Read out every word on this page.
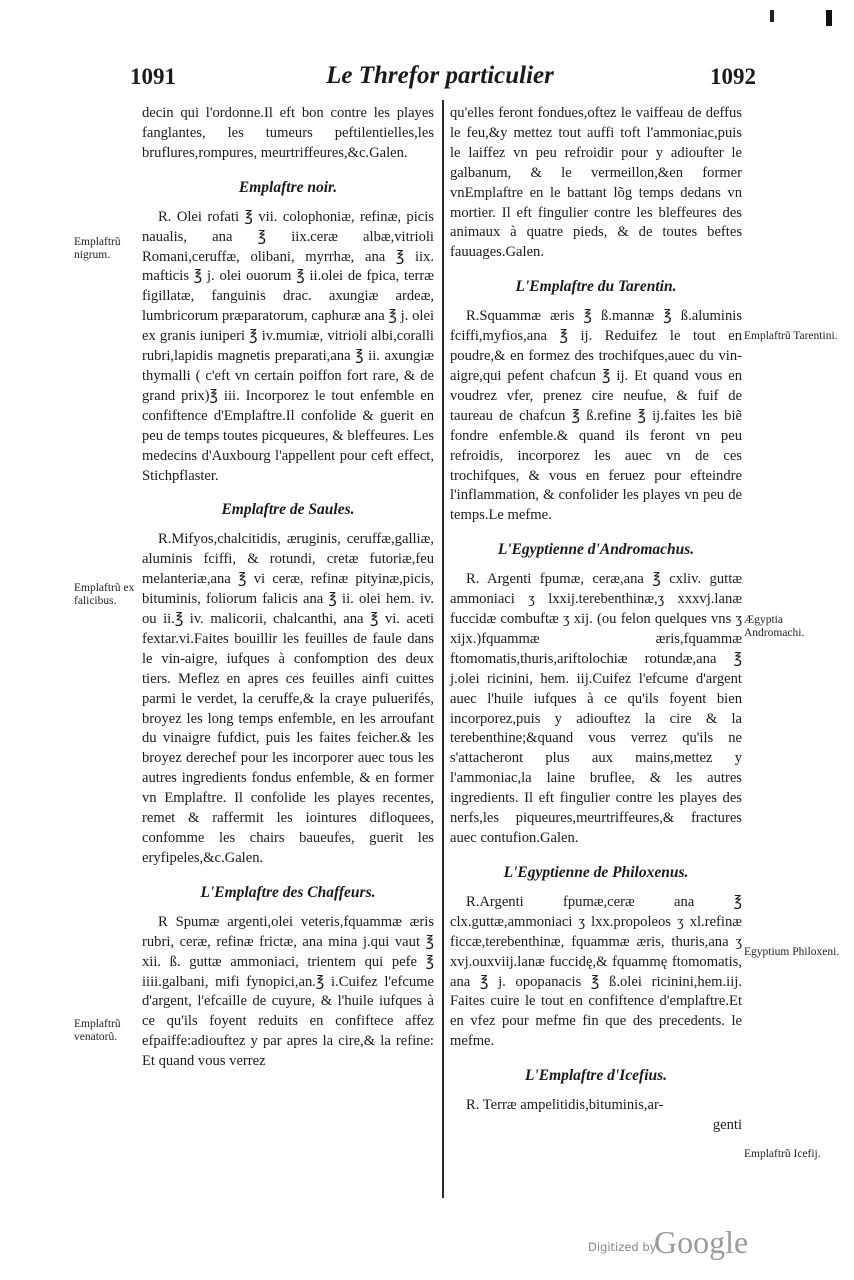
1091	Le Threfor particulier	1092

decin qui l'ordonne.Il eft bon contre les playes fanglantes, les tumeurs peftilentielles,les bruflures,rompures, meurtriffeures,&c.Galen.

Emplaftre noir.

R. Olei rofati ℥ vii. colophoniæ, refinæ, picis naualis, ana ℥ iix.ceræ albæ,vitrioli Romani,ceruffæ, olibani, myrrhæ, ana ℥ iix. mafticis ℥ j. olei ouorum ℥ ii.olei de fpica, terræ figillatæ, fanguinis drac. axungiæ ardeæ, lumbricorum præparatorum, caphuræ ana ℥ j. olei ex granis iuniperi ℥ iv.mumiæ, vitrioli albi,coralli rubri,lapidis magnetis preparati,ana ℥ ii. axungiæ thymalli ( c'eft vn certain poiffon fort rare, & de grand prix)℥ iii. Incorporez le tout enfemble en confiftence d'Emplaftre.Il confolide & guerit en peu de temps toutes picqueures, & bleffeures. Les medecins d'Auxbourg l'appellent pour ceft effect, Stichpflaster.

Emplaftre de Saules.

R.Mifyos,chalcitidis, æruginis, ceruffæ,galliæ, aluminis fciffi, & rotundi, cretæ futoriæ,feu melanteriæ,ana ℥ vi ceræ, refinæ pityinæ,picis, bituminis, foliorum falicis ana ℥ ii. olei hem. iv. ou ii.℥ iv. malicorii, chalcanthi, ana ℥ vi. aceti fextar.vi.Faites bouillir les feuilles de faule dans le vin-aigre, iufques à confomption des deux tiers. Meflez en apres ces feuilles ainfi cuittes parmi le verdet, la ceruffe,& la craye puluerifés, broyez les long temps enfemble, en les arroufant du vinaigre fufdict, puis les faites feicher.& les broyez derechef pour les incorporer auec tous les autres ingredients fondus enfemble, & en former vn Emplaftre. Il confolide les playes recentes, remet & raffermit les iointures difloquees, confomme les chairs baueufes, guerit les eryfipeles,&c.Galen.

L'Emplaftre des Chaffeurs.

R Spumæ argenti,olei veteris,fquammæ æris rubri, ceræ, refinæ frictæ, ana mina j.qui vaut ℥ xii. ß. guttæ ammoniaci, trientem qui pefe ℥ iiii.galbani, mifi fynopici,an.℥ i.Cuifez l'efcume d'argent, l'efcaille de cuyure, & l'huile iufques à ce qu'ils foyent reduits en confiftece affez efpaiffe:adiouftez y par apres la cire,& la refine: Et quand vous verrez

qu'elles feront fondues,oftez le vaiffeau de deffus le feu,&y mettez tout auffi toft l'ammoniac,puis le laiffez vn peu refroidir pour y adioufter le galbanum, & le vermeillon,&en former vnEmplaftre en le battant lõg temps dedans vn mortier. Il eft fingulier contre les bleffeures des animaux à quatre pieds, & de toutes beftes fauuages.Galen.

L'Emplaftre du Tarentin.

R.Squammæ æris ℥ ß.mannæ ℥ ß.aluminis fciffi,myfios,ana ℥ ij. Reduifez le tout en poudre,& en formez des trochifques,auec du vin-aigre,qui pefent chafcun ℥ ij. Et quand vous en voudrez vfer, prenez cire neufue, & fuif de taureau de chafcun ℥ ß.refine ℥ ij.faites les biẽ fondre enfemble.& quand ils feront vn peu refroidis, incorporez les auec vn de ces trochifques, & vous en feruez pour efteindre l'inflammation, & confolider les playes vn peu de temps.Le mefme.

L'Egyptienne d'Andromachus.

R. Argenti fpumæ, ceræ,ana ℥ cxliv. guttæ ammoniaci ʒ lxxij.terebenthinæ,ʒ xxxvj.lanæ fuccidæ combuftæ ʒ xij. (ou felon quelques vns ʒ xijx.)fquammæ æris,fquammæ ftomomatis,thuris,ariftolochiæ rotundæ,ana ℥ j.olei ricinini, hem. iij.Cuifez l'efcume d'argent auec l'huile iufques à ce qu'ils foyent bien incorporez,puis y adiouftez la cire & la terebenthine;&quand vous verrez qu'ils ne s'attacheront plus aux mains,mettez y l'ammoniac,la laine bruflee, & les autres ingredients. Il eft fingulier contre les playes des nerfs,les piqueures,meurtriffeures,& fractures auec contufion.Galen.

L'Egyptienne de Philoxenus.

R.Argenti fpumæ,ceræ ana ℥ clx.guttæ,ammoniaci ʒ lxx.propoleos ʒ xl.refinæ ficcæ,terebenthinæ, fquammæ æris, thuris,ana ʒ xvj.ouxviij.lanæ fuccidę,& fquammę ftomomatis, ana ℥ j. opopanacis ℥ ß.olei ricinini,hem.iij. Faites cuire le tout en confiftence d'emplaftre.Et en vfez pour mefme fin que des precedents. le mefme.

L'Emplaftre d'Icefius.

R. Terræ ampelitidis,bituminis,ar-

genti

Emplaftrũ nigrum.
Emplaftrũ ex falicibus.
Emplaftrũ venatorũ.
Emplaftrũ Tarentini.
Ægyptia Andromachi.
Egyptium Philoxeni.
Emplaftrũ Icefij.
Digitized by
Google
